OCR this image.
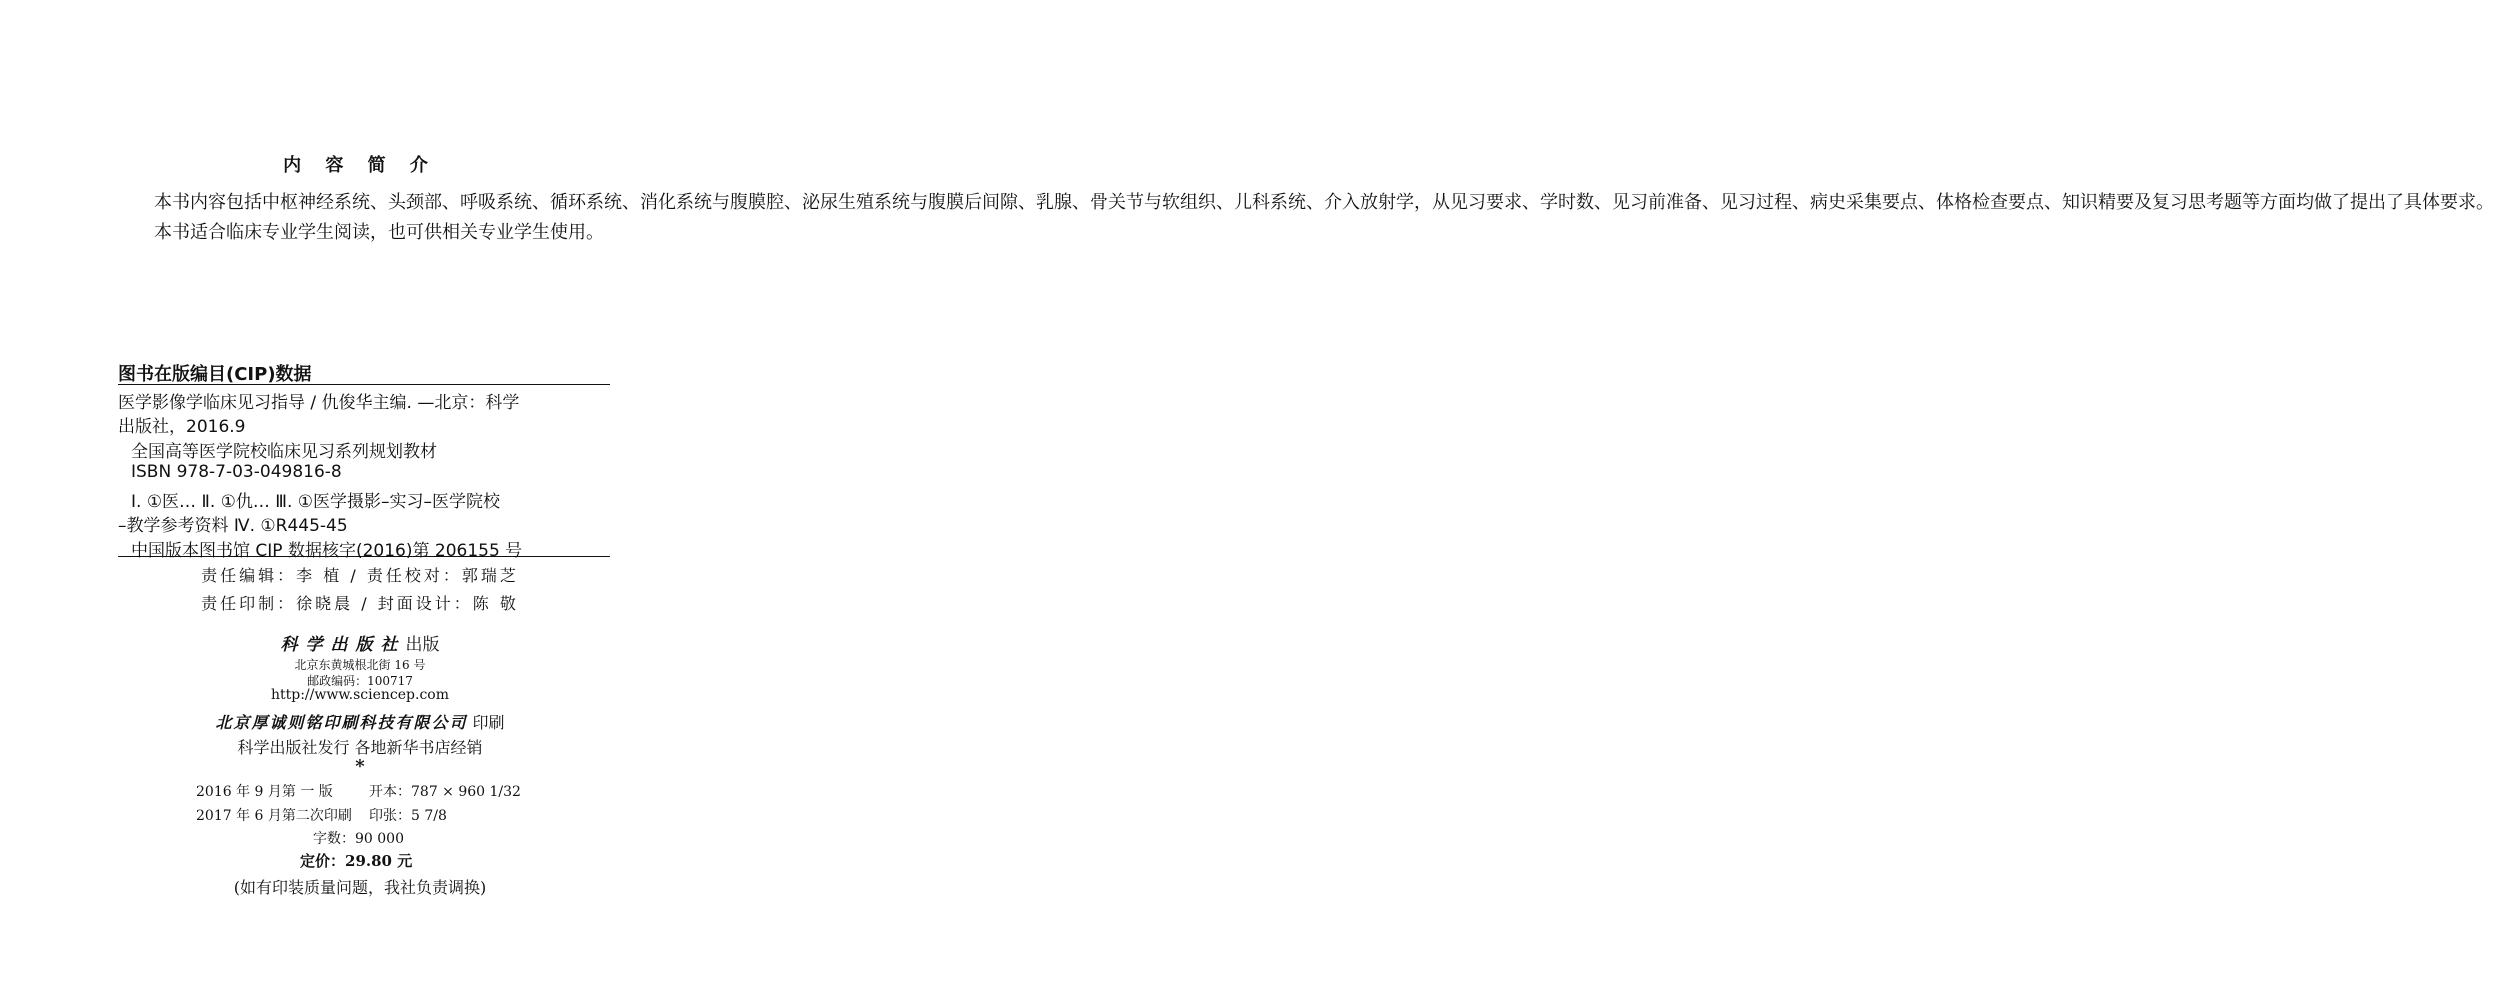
内 容 简 介

本书内容包括中枢神经系统、头颈部、呼吸系统、循环系统、消化系统与腹膜腔、泌尿生殖系统与腹膜后间隙、乳腺、骨关节与软组织、儿科系统、介入放射学，从见习要求、学时数、见习前准备、见习过程、病史采集要点、体格检查要点、知识精要及复习思考题等方面均做了提出了具体要求。

本书适合临床专业学生阅读，也可供相关专业学生使用。

图书在版编目(CIP)数据
医学影像学临床见习指导 / 仇俊华主编. —北京：科学
出版社，2016.9
全国高等医学院校临床见习系列规划教材
ISBN 978-7-03-049816-8
Ⅰ. ①医… Ⅱ. ①仇… Ⅲ. ①医学摄影–实习–医学院校
–教学参考资料 Ⅳ. ①R445-45
中国版本图书馆 CIP 数据核字(2016)第 206155 号
责任编辑：李 植 / 责任校对：郭瑞芝
责任印制：徐晓晨 / 封面设计：陈 敬
科学出版社出版
北京东黄城根北街 16 号
邮政编码：100717
http://www.sciencep.com
北京厚诚则铭印刷科技有限公司 印刷
科学出版社发行 各地新华书店经销
*
2016 年 9 月第 一 版	开本：787 × 960 1/32
2017 年 6 月第二次印刷 印张：5 7/8
字数：90 000
定价：29.80 元
(如有印装质量问题，我社负责调换)
